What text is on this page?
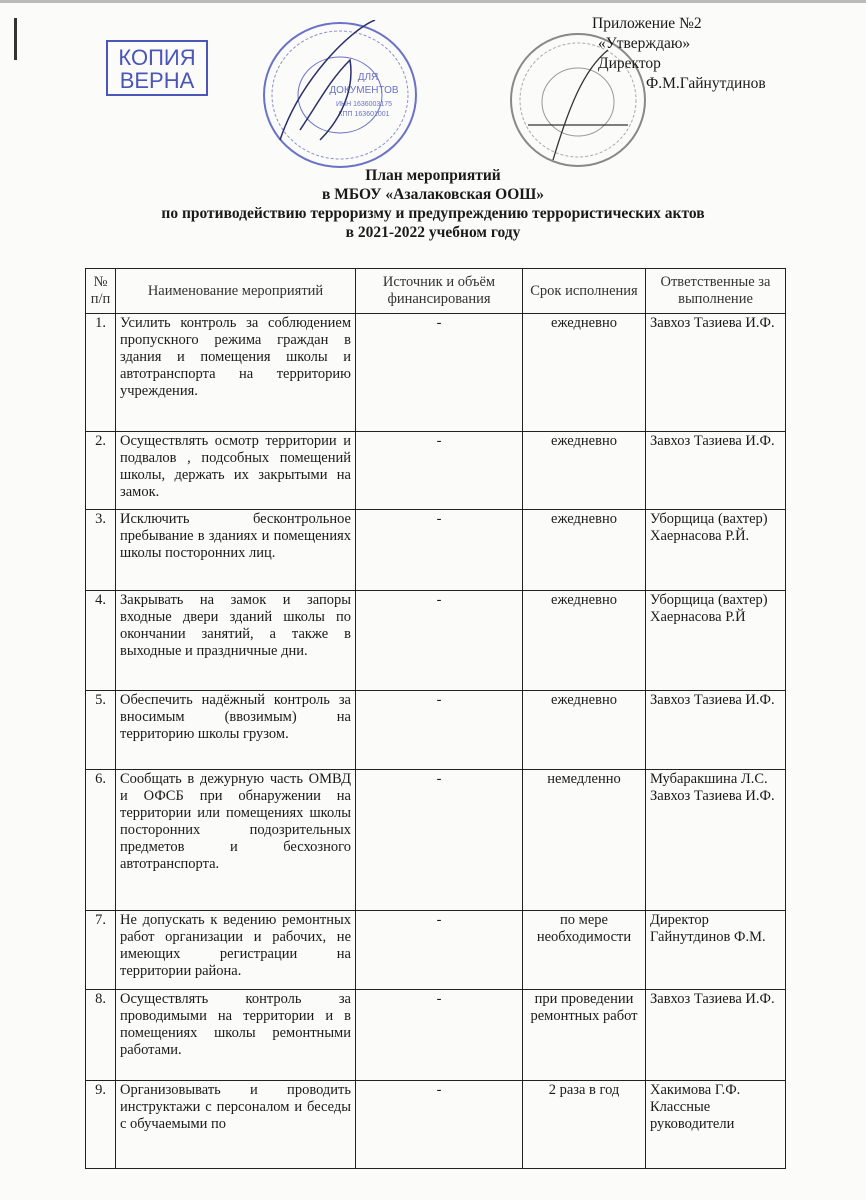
КОПИЯ
ВЕРНА	ДЛЯ
ДОКУМЕНТОВ
ИНН 1636003175
КПП 163601001
Приложение №2
«Утверждаю»
Директор
Ф.М.Гайнутдинов
План мероприятий
в МБОУ «Азалаковская ООШ»
по противодействию терроризму и предупреждению террористических актов
в 2021-2022 учебном году
№ п/п	Наименование мероприятий	Источник и объём финансирования	Срок исполнения	Ответственные за выполнение
1.	Усилить контроль за соблюдением пропускного режима граждан в здания и помещения школы и автотранспорта на территорию учреждения.	-	ежедневно	Завхоз Тазиева И.Ф.
2.	Осуществлять осмотр территории и подвалов , подсобных помещений школы, держать их закрытыми на замок.	-	ежедневно	Завхоз Тазиева И.Ф.
3.	Исключить бесконтрольное пребывание в зданиях и помещениях школы посторонних лиц.	-	ежедневно	Уборщица (вахтер) Хаернасова Р.Й.
4.	Закрывать на замок и запоры входные двери зданий школы по окончании занятий, а также в выходные и праздничные дни.	-	ежедневно	Уборщица (вахтер) Хаернасова Р.Й
5.	Обеспечить надёжный контроль за вносимым (ввозимым) на территорию школы грузом.	-	ежедневно	Завхоз Тазиева И.Ф.
6.	Сообщать в дежурную часть ОМВД и ОФСБ при обнаружении на территории или помещениях школы посторонних подозрительных предметов и бесхозного автотранспорта.	-	немедленно	Мубаракшина Л.С. Завхоз Тазиева И.Ф.
7.	Не допускать к ведению ремонтных работ организации и рабочих, не имеющих регистрации на территории района.	-	по мере необходимости	Директор Гайнутдинов Ф.М.
8.	Осуществлять контроль за проводимыми на территории и в помещениях школы ремонтными работами.	-	при проведении ремонтных работ	Завхоз Тазиева И.Ф.
9.	Организовывать и проводить инструктажи с персоналом и беседы с обучаемыми по	-	2 раза в год	Хакимова Г.Ф. Классные руководители
